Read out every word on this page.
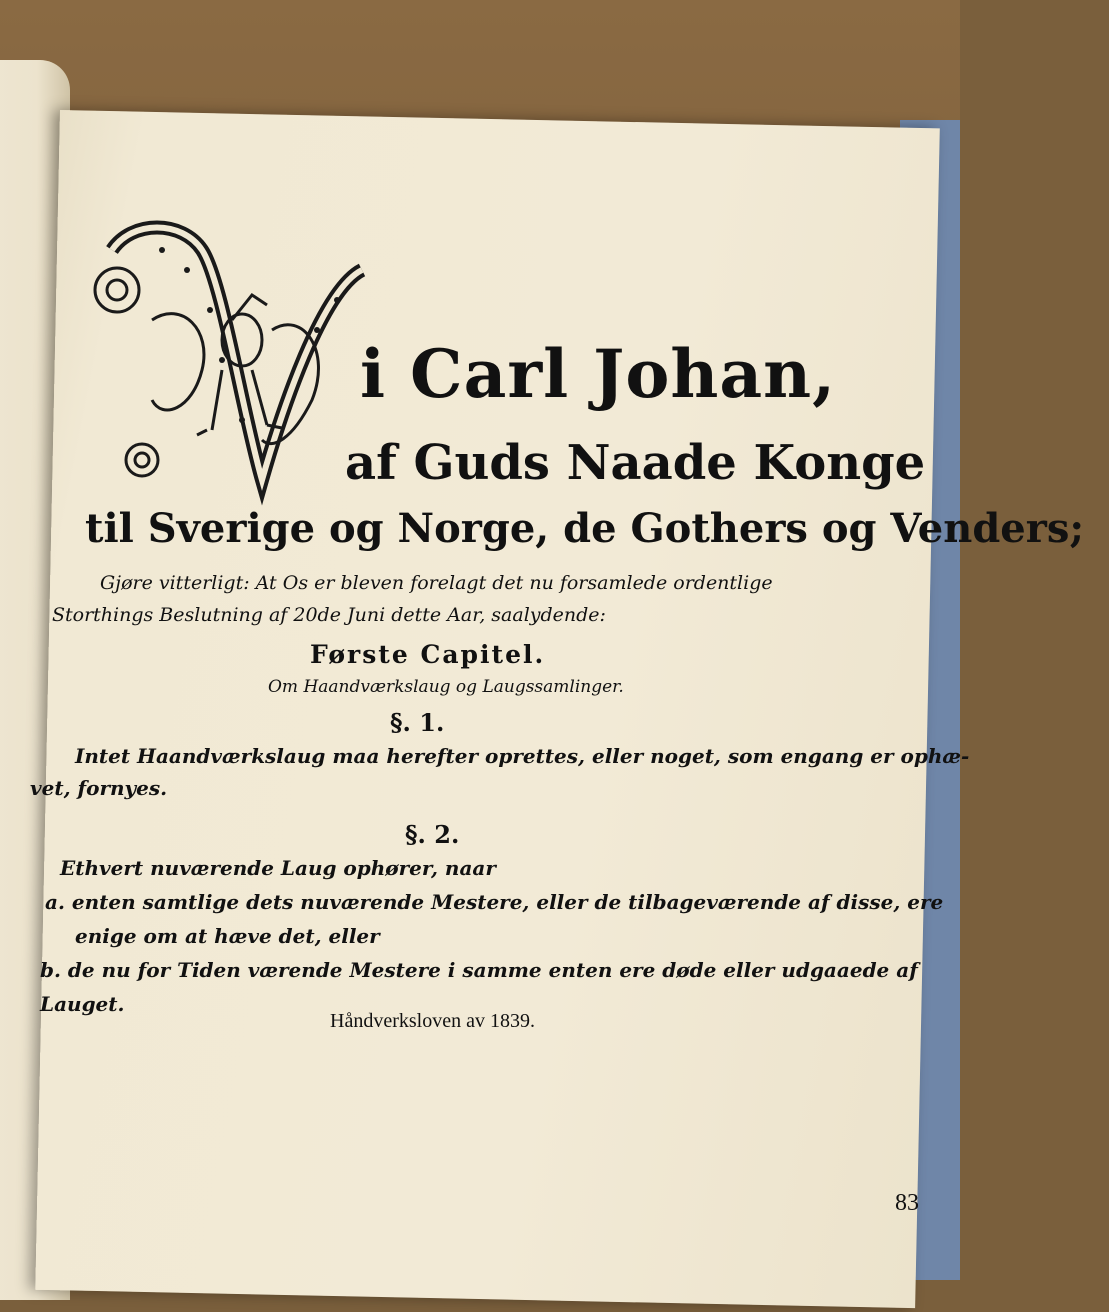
i Carl Johan,
af Guds Naade Konge
til Sverige og Norge, de Gothers og Venders;
Gjøre vitterligt: At Os er bleven forelagt det nu forsamlede ordentlige
Storthings Beslutning af 20de Juni dette Aar, saalydende:
Første Capitel.
Om Haandværkslaug og Laugssamlinger.
§. 1.
Intet Haandværkslaug maa herefter oprettes, eller noget, som engang er ophæ-
vet, fornyes.
§. 2.
Ethvert nuværende Laug ophører, naar
a. enten samtlige dets nuværende Mestere, eller de tilbageværende af disse, ere
enige om at hæve det, eller
b. de nu for Tiden værende Mestere i samme enten ere døde eller udgaaede af
Lauget.
Håndverksloven av 1839.
83
